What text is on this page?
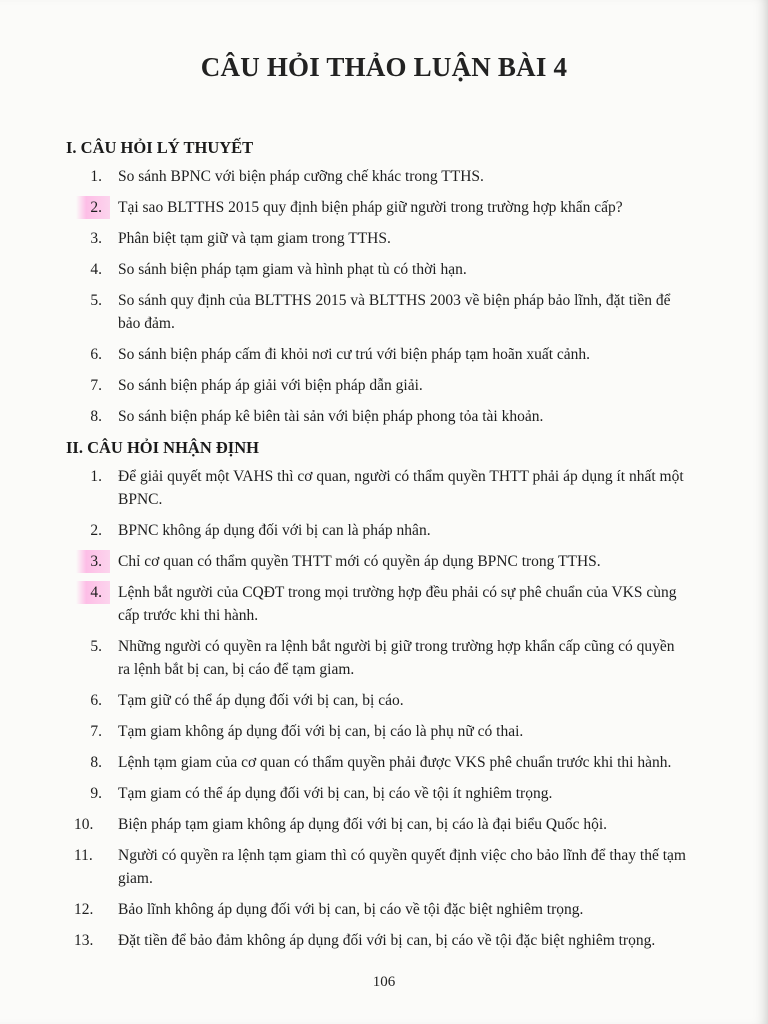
CÂU HỎI THẢO LUẬN BÀI 4
I. CÂU HỎI LÝ THUYẾT
1.	So sánh BPNC với biện pháp cưỡng chế khác trong TTHS.
2.	Tại sao BLTTHS 2015 quy định biện pháp giữ người trong trường hợp khẩn cấp?
3.	Phân biệt tạm giữ và tạm giam trong TTHS.
4.	So sánh biện pháp tạm giam và hình phạt tù có thời hạn.
5.	So sánh quy định của BLTTHS 2015 và BLTTHS 2003 về biện pháp bảo lĩnh, đặt tiền để bảo đảm.
6.	So sánh biện pháp cấm đi khỏi nơi cư trú với biện pháp tạm hoãn xuất cảnh.
7.	So sánh biện pháp áp giải với biện pháp dẫn giải.
8.	So sánh biện pháp kê biên tài sản với biện pháp phong tỏa tài khoản.
II. CÂU HỎI NHẬN ĐỊNH
1.	Để giải quyết một VAHS thì cơ quan, người có thẩm quyền THTT phải áp dụng ít nhất một BPNC.
2.	BPNC không áp dụng đối với bị can là pháp nhân.
3.	Chỉ cơ quan có thẩm quyền THTT mới có quyền áp dụng BPNC trong TTHS.
4.	Lệnh bắt người của CQĐT trong mọi trường hợp đều phải có sự phê chuẩn của VKS cùng cấp trước khi thi hành.
5.	Những người có quyền ra lệnh bắt người bị giữ trong trường hợp khẩn cấp cũng có quyền ra lệnh bắt bị can, bị cáo để tạm giam.
6.	Tạm giữ có thể áp dụng đối với bị can, bị cáo.
7.	Tạm giam không áp dụng đối với bị can, bị cáo là phụ nữ có thai.
8.	Lệnh tạm giam của cơ quan có thẩm quyền phải được VKS phê chuẩn trước khi thi hành.
9.	Tạm giam có thể áp dụng đối với bị can, bị cáo về tội ít nghiêm trọng.
10.	Biện pháp tạm giam không áp dụng đối với bị can, bị cáo là đại biểu Quốc hội.
11.	Người có quyền ra lệnh tạm giam thì có quyền quyết định việc cho bảo lĩnh để thay thế tạm giam.
12.	Bảo lĩnh không áp dụng đối với bị can, bị cáo về tội đặc biệt nghiêm trọng.
13.	Đặt tiền để bảo đảm không áp dụng đối với bị can, bị cáo về tội đặc biệt nghiêm trọng.
106
